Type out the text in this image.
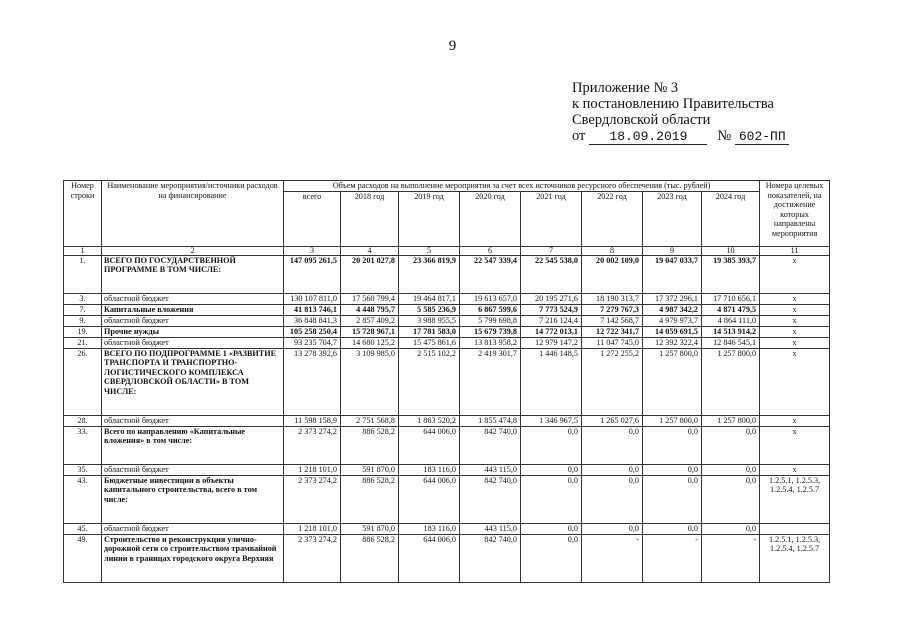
9
Приложение № 3
к постановлению Правительства
Свердловской области
от	18.09.2019	№ 602-ПП
Номер строки	Наименование мероприятия/источники расходов на финансирование	Объем расходов на выполнение мероприятия за счет всех источников ресурсного обеспечения (тыс. рублей)								Номера целевых показателей, на достижение которых направлены мероприятия
		всего	2018 год	2019 год	2020 год	2021 год	2022 год	2023 год	2024 год	
1	2	3	4	5	6	7	8	9	10	11
1.	ВСЕГО ПО ГОСУДАРСТВЕННОЙ ПРОГРАММЕ В ТОМ ЧИСЛЕ:	147 095 261,5	20 201 027,8	23 366 819,9	22 547 339,4	22 545 538,0	20 002 109,0	19 047 033,7	19 385 393,7	x
3.	областной бюджет	130 107 811,0	17 560 799,4	19 464 817,1	19 613 657,0	20 195 271,6	18 190 313,7	17 372 296,1	17 710 656,1	x
7.	Капитальные вложения	41 813 746,1	4 448 795,7	5 585 236,9	6 867 599,6	7 773 524,9	7 279 767,3	4 987 342,2	4 871 479,5	x
9.	областной бюджет	36 848 841,3	2 857 409,2	3 988 955,5	5 799 698,8	7 216 124,4	7 142 568,7	4 979 973,7	4 864 111,0	x
19.	Прочие нужды	105 258 250,4	15 728 967,1	17 781 583,0	15 679 739,8	14 772 013,1	12 722 341,7	14 059 691,5	14 513 914,2	x
21.	областной бюджет	93 235 704,7	14 680 125,2	15 475 861,6	13 813 958,2	12 979 147,2	11 047 745,0	12 392 322,4	12 846 545,1	x
26.	ВСЕГО ПО ПОДПРОГРАММЕ 1 «РАЗВИТИЕ ТРАНСПОРТА И ТРАНСПОРТНО-ЛОГИСТИЧЕСКОГО КОМПЛЕКСА СВЕРДЛОВСКОЙ ОБЛАСТИ» В ТОМ ЧИСЛЕ:	13 278 392,6	3 109 985,0	2 515 102,2	2 419 301,7	1 446 148,5	1 272 255,2	1 257 800,0	1 257 800,0	x
28.	областной бюджет	11 598 158,9	2 751 568,8	1 863 520,2	1 855 474,8	1 346 967,5	1 265 027,6	1 257 800,0	1 257 800,0	x
33.	Всего по направлению «Капитальные вложения» в том числе:	2 373 274,2	886 528,2	644 006,0	842 740,0	0,0	0,0	0,0	0,0	x
35.	областной бюджет	1 218 101,0	591 870,0	183 116,0	443 115,0	0,0	0,0	0,0	0,0	x
43.	Бюджетные инвестиции в объекты капитального строительства, всего в том числе:	2 373 274,2	886 528,2	644 006,0	842 740,0	0,0	0,0	0,0	0,0	1.2.5.1, 1.2.5.3, 1.2.5.4, 1.2.5.7
45.	областной бюджет	1 218 101,0	591 870,0	183 116,0	443 115,0	0,0	0,0	0,0	0,0	
49.	Строительство и реконструкция улично-дорожной сети со строительством трамвайной линии в границах городского округа Верхняя	2 373 274,2	886 528,2	644 006,0	842 740,0	0,0	-	-	-	1.2.5.1, 1.2.5.3, 1.2.5.4, 1.2.5.7
